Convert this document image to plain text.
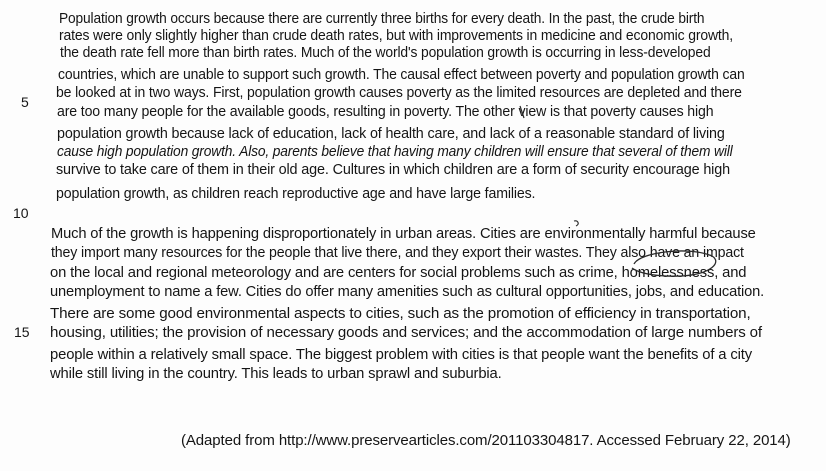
Population growth occurs because there are currently three births for every death. In the past, the crude birth
rates were only slightly higher than crude death rates, but with improvements in medicine and economic growth,
the death rate fell more than birth rates. Much of the world's population growth is occurring in less-developed
countries, which are unable to support such growth. The causal effect between poverty and population growth can
be looked at in two ways. First, population growth causes poverty as the limited resources are depleted and there
are too many people for the available goods, resulting in poverty. The other view is that poverty causes high
population growth because lack of education, lack of health care, and lack of a reasonable standard of living
cause high population growth. Also, parents believe that having many children will ensure that several of them will
survive to take care of them in their old age. Cultures in which children are a form of security encourage high
population growth, as children reach reproductive age and have large families.
Much of the growth is happening disproportionately in urban areas. Cities are environmentally harmful because
they import many resources for the people that live there, and they export their wastes. They also have an impact
on the local and regional meteorology and are centers for social problems such as crime, homelessness, and
unemployment to name a few. Cities do offer many amenities such as cultural opportunities, jobs, and education.
There are some good environmental aspects to cities, such as the promotion of efficiency in transportation,
housing, utilities; the provision of necessary goods and services; and the accommodation of large numbers of
people within a relatively small space. The biggest problem with cities is that people want the benefits of a city
while still living in the country. This leads to urban sprawl and suburbia.
5
10
15
(Adapted from http://www.preservearticles.com/201103304817. Accessed February 22, 2014)
